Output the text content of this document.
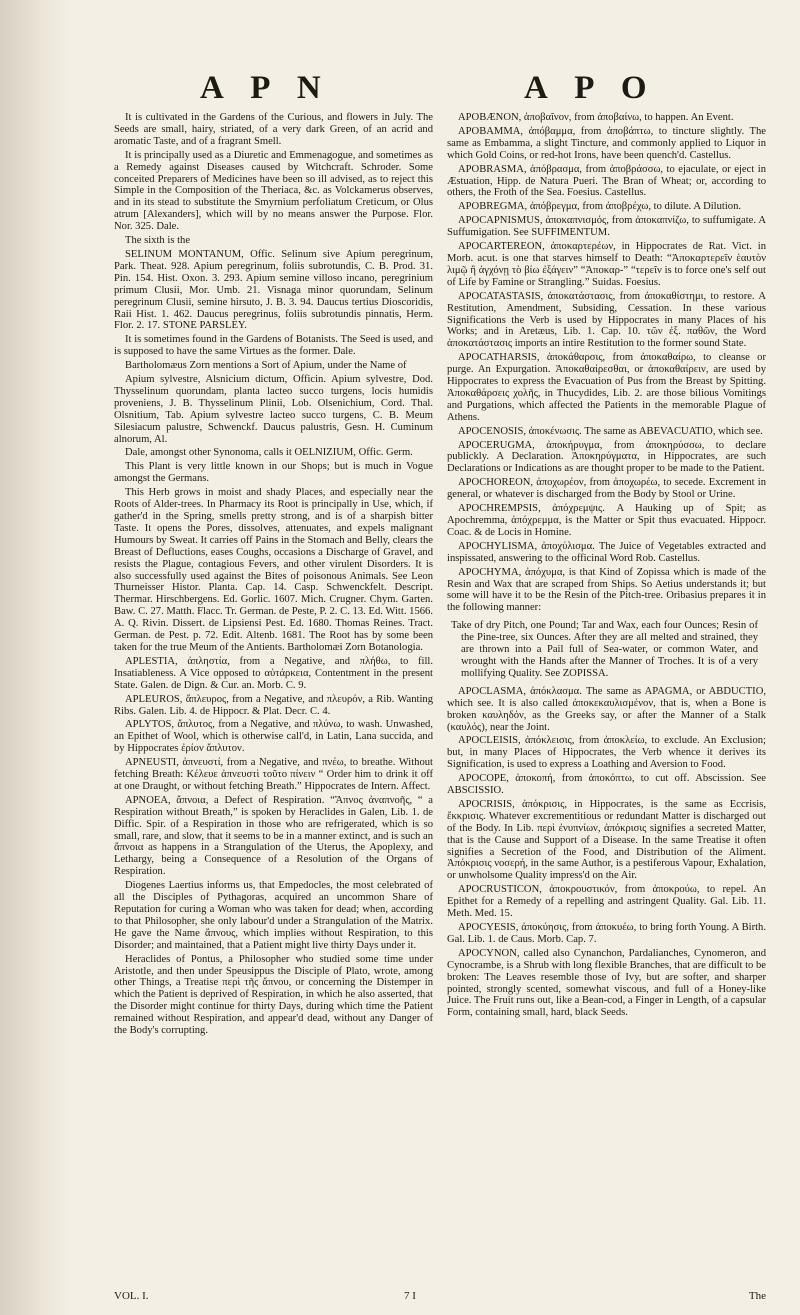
A P N	A P O

It is cultivated in the Gardens of the Curious, and flowers in July. The Seeds are small, hairy, striated, of a very dark Green, of an acrid and aromatic Taste, and of a fragrant Smell.

It is principally used as a Diuretic and Emmenagogue, and sometimes as a Remedy against Diseases caused by Witchcraft. Schroder. Some conceited Preparers of Medicines have been so ill advised, as to reject this Simple in the Composition of the Theriaca, &c. as Volckamerus observes, and in its stead to substitute the Smyrnium perfoliatum Creticum, or Olus atrum [Alexanders], which will by no means answer the Purpose. Flor. Nor. 325. Dale.

The sixth is the

SELINUM MONTANUM, Offic. Selinum sive Apium peregrinum, Park. Theat. 928. Apium peregrinum, foliis subrotundis, C. B. Prod. 31. Pin. 154. Hist. Oxon. 3. 293. Apium semine villoso incano, peregrinium primum Clusii, Mor. Umb. 21. Visnaga minor quorundam, Selinum peregrinum Clusii, semine hirsuto, J. B. 3. 94. Daucus tertius Dioscoridis, Raii Hist. 1. 462. Daucus peregrinus, foliis subrotundis pinnatis, Herm. Flor. 2. 17. STONE PARSLEY.

It is sometimes found in the Gardens of Botanists. The Seed is used, and is supposed to have the same Virtues as the former. Dale.

Bartholomæus Zorn mentions a Sort of Apium, under the Name of

Apium sylvestre, Alsnicium dictum, Officin. Apium sylvestre, Dod. Thysselinum quorundam, planta lacteo succo turgens, locis humidis proveniens, J. B. Thysselinum Plinii, Lob. Olsenichium, Cord. Thal. Olsnitium, Tab. Apium sylvestre lacteo succo turgens, C. B. Meum Silesiacum palustre, Schwenckf. Daucus palustris, Gesn. H. Cuminum alnorum, Al.

Dale, amongst other Synonoma, calls it OELNIZIUM, Offic. Germ.

This Plant is very little known in our Shops; but is much in Vogue amongst the Germans.

This Herb grows in moist and shady Places, and especially near the Roots of Alder-trees. In Pharmacy its Root is principally in Use, which, if gather'd in the Spring, smells pretty strong, and is of a sharpish bitter Taste. It opens the Pores, dissolves, attenuates, and expels malignant Humours by Sweat. It carries off Pains in the Stomach and Belly, clears the Breast of Defluctions, eases Coughs, occasions a Discharge of Gravel, and resists the Plague, contagious Fevers, and other virulent Disorders. It is also successfully used against the Bites of poisonous Animals. See Leon Thurneisser Histor. Planta. Cap. 14. Casp. Schwenckfelt. Descript. Thermar. Hirschbergens. Ed. Gorlic. 1607. Mich. Crugner. Chym. Garten. Baw. C. 27. Matth. Flacc. Tr. German. de Peste, P. 2. C. 13. Ed. Witt. 1566. A. Q. Rivin. Dissert. de Lipsiensi Pest. Ed. 1680. Thomas Reines. Tract. German. de Pest. p. 72. Edit. Altenb. 1681. The Root has by some been taken for the true Meum of the Antients. Bartholomæi Zorn Botanologia.

APLESTIA, ἀπληστία, from a Negative, and πλήθω, to fill. Insatiableness. A Vice opposed to αὐτάρκεια, Contentment in the present State. Galen. de Dign. & Cur. an. Morb. C. 9.

APLEUROS, ἄπλευρος, from a Negative, and πλευρόν, a Rib. Wanting Ribs. Galen. Lib. 4. de Hippocr. & Plat. Decr. C. 4.

APLYTOS, ἄπλυτος, from a Negative, and πλύνω, to wash. Unwashed, an Epithet of Wool, which is otherwise call'd, in Latin, Lana succida, and by Hippocrates ἐρίον ἄπλυτον.

APNEUSTI, ἀπνευστί, from a Negative, and πνέω, to breathe. Without fetching Breath: Κέλευε ἀπνευστὶ τοῦτο πίνειν “ Order him to drink it off at one Draught, or without fetching Breath.” Hippocrates de Intern. Affect.

APNOEA, ἄπνοια, a Defect of Respiration. “Ἄπνος ἀναπνοῆς, “ a Respiration without Breath,” is spoken by Heraclides in Galen, Lib. 1. de Diffic. Spir. of a Respiration in those who are refrigerated, which is so small, rare, and slow, that it seems to be in a manner extinct, and is such an ἄπνοια as happens in a Strangulation of the Uterus, the Apoplexy, and Lethargy, being a Consequence of a Resolution of the Organs of Respiration.

Diogenes Laertius informs us, that Empedocles, the most celebrated of all the Disciples of Pythagoras, acquired an uncommon Share of Reputation for curing a Woman who was taken for dead; when, according to that Philosopher, she only labour'd under a Strangulation of the Matrix. He gave the Name ἄπνους, which implies without Respiration, to this Disorder; and maintained, that a Patient might live thirty Days under it.

Heraclides of Pontus, a Philosopher who studied some time under Aristotle, and then under Speusippus the Disciple of Plato, wrote, among other Things, a Treatise περὶ τῆς ἄπνου, or concerning the Distemper in which the Patient is deprived of Respiration, in which he also asserted, that the Disorder might continue for thirty Days, during which time the Patient remained without Respiration, and appear'd dead, without any Danger of the Body's corrupting.

APOBÆNON, ἀποβαῖνον, from ἀποβαίνω, to happen. An Event.

APOBAMMA, ἀπόβαμμα, from ἀποβάπτω, to tincture slightly. The same as Embamma, a slight Tincture, and commonly applied to Liquor in which Gold Coins, or red-hot Irons, have been quench'd. Castellus.

APOBRASMA, ἀπόβρασμα, from ἀποβράσσω, to ejaculate, or eject in Æstuation, Hipp. de Natura Pueri. The Bran of Wheat; or, according to others, the Froth of the Sea. Foesius. Castellus.

APOBREGMA, ἀπόβρεγμα, from ἀποβρέχω, to dilute. A Dilution.

APOCAPNISMUS, ἀποκαπνισμός, from ἀποκαπνίζω, to suffumigate. A Suffumigation. See SUFFIMENTUM.

APOCARTEREON, ἀποκαρτερέων, in Hippocrates de Rat. Vict. in Morb. acut. is one that starves himself to Death: “Ἀποκαρτερεῖν ἑαυτὸν λιμῷ ἢ ἀγχόνῃ τὸ βίω ἐξάγειν” “Ἀποκαρ-” “τερεῖν is to force one's self out of Life by Famine or Strangling.” Suidas. Foesius.

APOCATASTASIS, ἀποκατάστασις, from ἀποκαθίστημι, to restore. A Restitution, Amendment, Subsiding, Cessation. In these various Significations the Verb is used by Hippocrates in many Places of his Works; and in Aretæus, Lib. 1. Cap. 10. τῶν ἐξ. παθῶν, the Word ἀποκατάστασις imports an intire Restitution to the former sound State.

APOCATHARSIS, ἀποκάθαρσις, from ἀποκαθαίρω, to cleanse or purge. An Expurgation. Ἀποκαθαίρεσθαι, or ἀποκαθαίρειν, are used by Hippocrates to express the Evacuation of Pus from the Breast by Spitting. Ἀποκαθάρσεις χολῆς, in Thucydides, Lib. 2. are those bilious Vomitings and Purgations, which affected the Patients in the memorable Plague of Athens.

APOCENOSIS, ἀποκένωσις. The same as ABEVACUATIO, which see.

APOCERUGMA, ἀποκήρυγμα, from ἀποκηρύσσω, to declare publickly. A Declaration. Ἀποκηρύγματα, in Hippocrates, are such Declarations or Indications as are thought proper to be made to the Patient.

APOCHOREON, ἀποχωρέον, from ἀποχωρέω, to secede. Excrement in general, or whatever is discharged from the Body by Stool or Urine.

APOCHREMPSIS, ἀπόχρεμψις. A Hauking up of Spit; as Apochremma, ἀπόχρεμμα, is the Matter or Spit thus evacuated. Hippocr. Coac. & de Locis in Homine.

APOCHYLISMA, ἀποχύλισμα. The Juice of Vegetables extracted and inspissated, answering to the officinal Word Rob. Castellus.

APOCHYMA, ἀπόχυμα, is that Kind of Zopissa which is made of the Resin and Wax that are scraped from Ships. So Aetius understands it; but some will have it to be the Resin of the Pitch-tree. Oribasius prepares it in the following manner:

Take of dry Pitch, one Pound; Tar and Wax, each four Ounces; Resin of the Pine-tree, six Ounces. After they are all melted and strained, they are thrown into a Pail full of Sea-water, or common Water, and wrought with the Hands after the Manner of Troches. It is of a very mollifying Quality. See ZOPISSA.

APOCLASMA, ἀπόκλασμα. The same as APAGMA, or ABDUCTIO, which see. It is also called ἀποκεκαυλισμένον, that is, when a Bone is broken καυληδόν, as the Greeks say, or after the Manner of a Stalk (καυλός), near the Joint.

APOCLEISIS, ἀπόκλεισις, from ἀποκλείω, to exclude. An Exclusion; but, in many Places of Hippocrates, the Verb whence it derives its Signification, is used to express a Loathing and Aversion to Food.

APOCOPE, ἀποκοπή, from ἀποκόπτω, to cut off. Abscission. See ABSCISSIO.

APOCRISIS, ἀπόκρισις, in Hippocrates, is the same as Eccrisis, ἔκκρισις. Whatever excrementitious or redundant Matter is discharged out of the Body. In Lib. περὶ ἐνυπνίων, ἀπόκρισις signifies a secreted Matter, that is the Cause and Support of a Disease. In the same Treatise it often signifies a Secretion of the Food, and Distribution of the Aliment. Ἀπόκρισις νοσερή, in the same Author, is a pestiferous Vapour, Exhalation, or unwholsome Quality impress'd on the Air.

APOCRUSTICON, ἀποκρουστικόν, from ἀποκρούω, to repel. An Epithet for a Remedy of a repelling and astringent Quality. Gal. Lib. 11. Meth. Med. 15.

APOCYESIS, ἀποκύησις, from ἀποκυέω, to bring forth Young. A Birth. Gal. Lib. 1. de Caus. Morb. Cap. 7.

APOCYNON, called also Cynanchon, Pardalianches, Cynomeron, and Cynocrambe, is a Shrub with long flexible Branches, that are difficult to be broken: The Leaves resemble those of Ivy, but are softer, and sharper pointed, strongly scented, somewhat viscous, and full of a Honey-like Juice. The Fruit runs out, like a Bean-cod, a Finger in Length, of a capsular Form, containing small, hard, black Seeds.

VOL. I.	7 I	The
